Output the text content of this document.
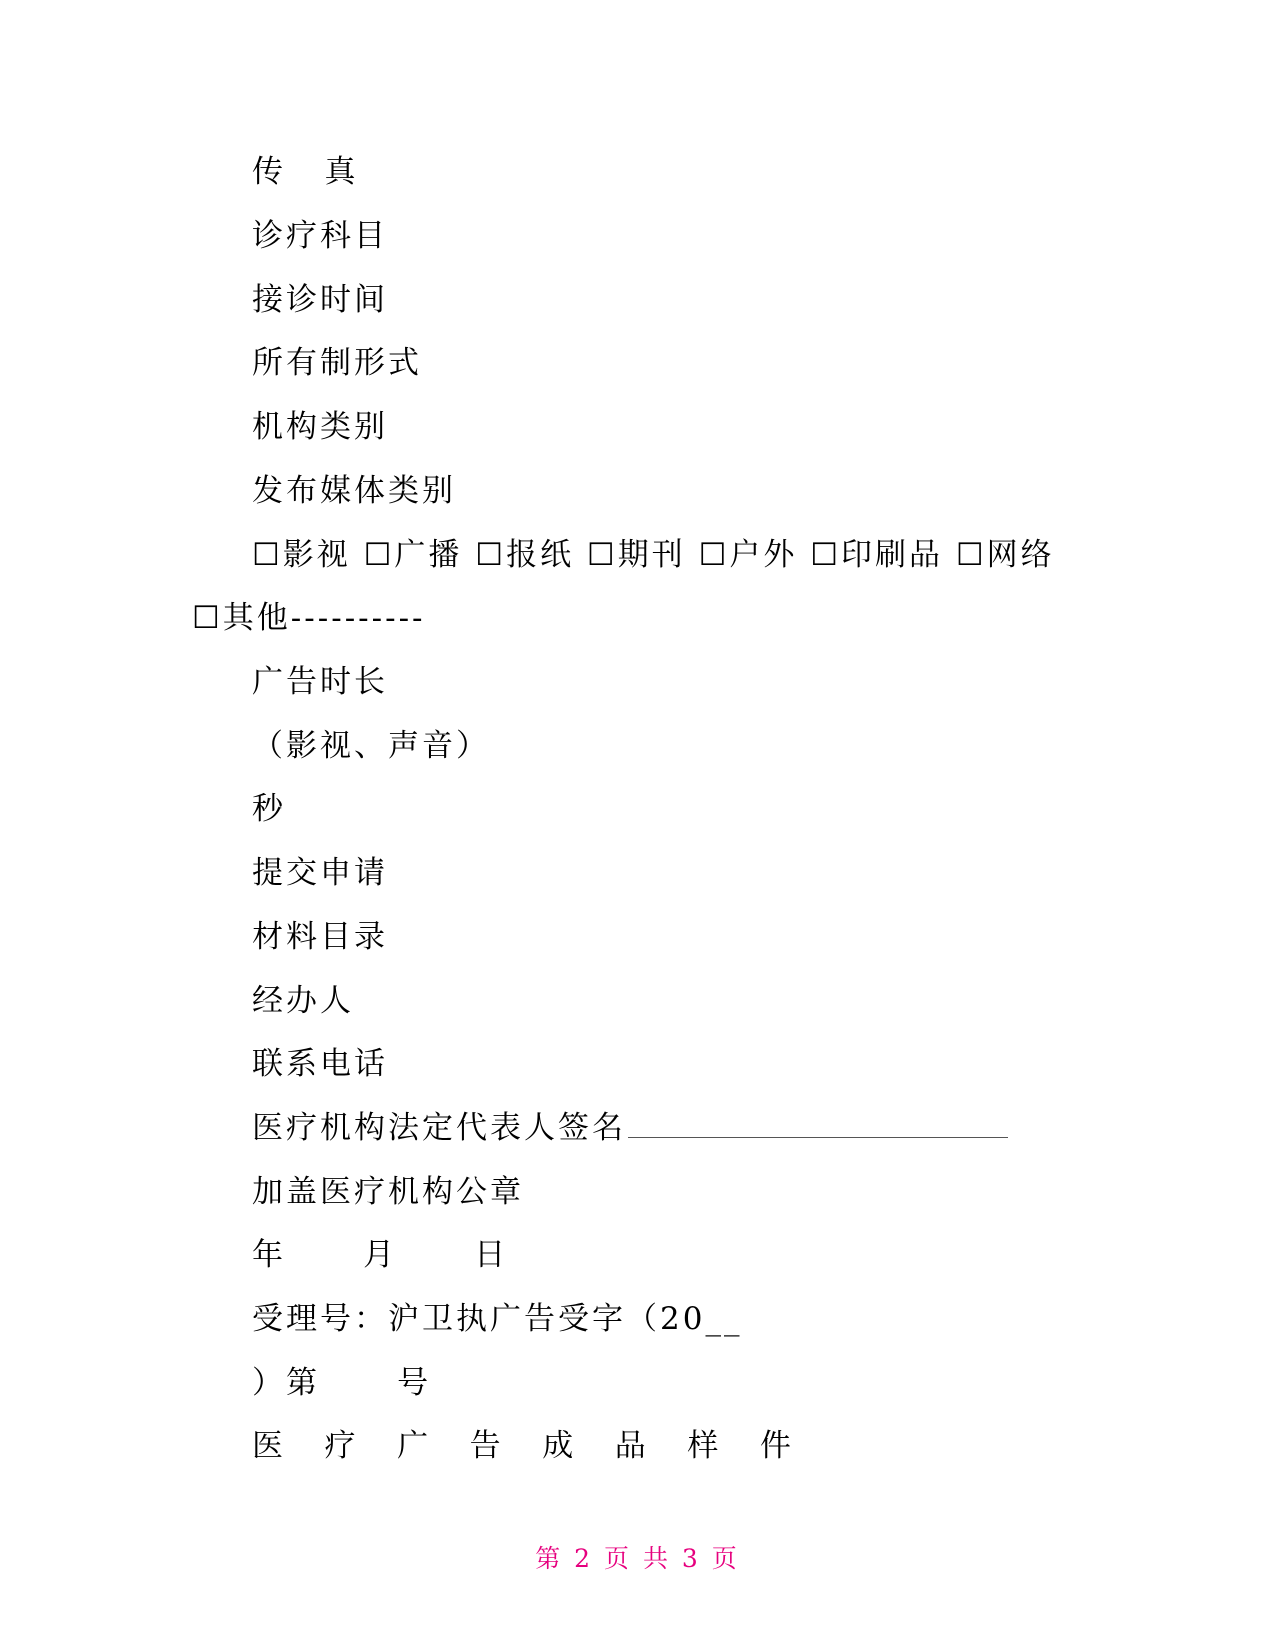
传   真
诊疗科目
接诊时间
所有制形式
机构类别
发布媒体类别
☐影视 ☐广播 ☐报纸 ☐期刊 ☐户外 ☐印刷品 ☐网络
☐其他----------
广告时长
（影视、声音）
秒
提交申请
材料目录
经办人
联系电话
医疗机构法定代表人签名
加盖医疗机构公章
年      月      日
受理号：沪卫执广告受字（20__
）第      号
医   疗   广   告   成   品   样   件
第 2 页 共 3 页
